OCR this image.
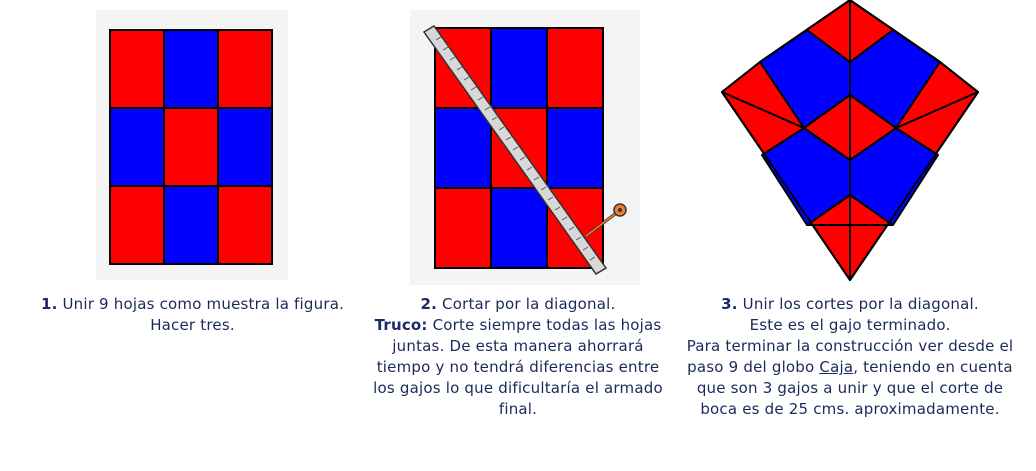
1. Unir 9 hojas como muestra la figura. Hacer tres.
2. Cortar por la diagonal.
Truco: Corte siempre todas las hojas juntas. De esta manera ahorrará tiempo y no tendrá diferencias entre los gajos lo que dificultaría el armado final.
3. Unir los cortes por la diagonal.
Este es el gajo terminado.
Para terminar la construcción ver desde el paso 9 del globo Caja, teniendo en cuenta que son 3 gajos a unir y que el corte de boca es de 25 cms. aproximadamente.
